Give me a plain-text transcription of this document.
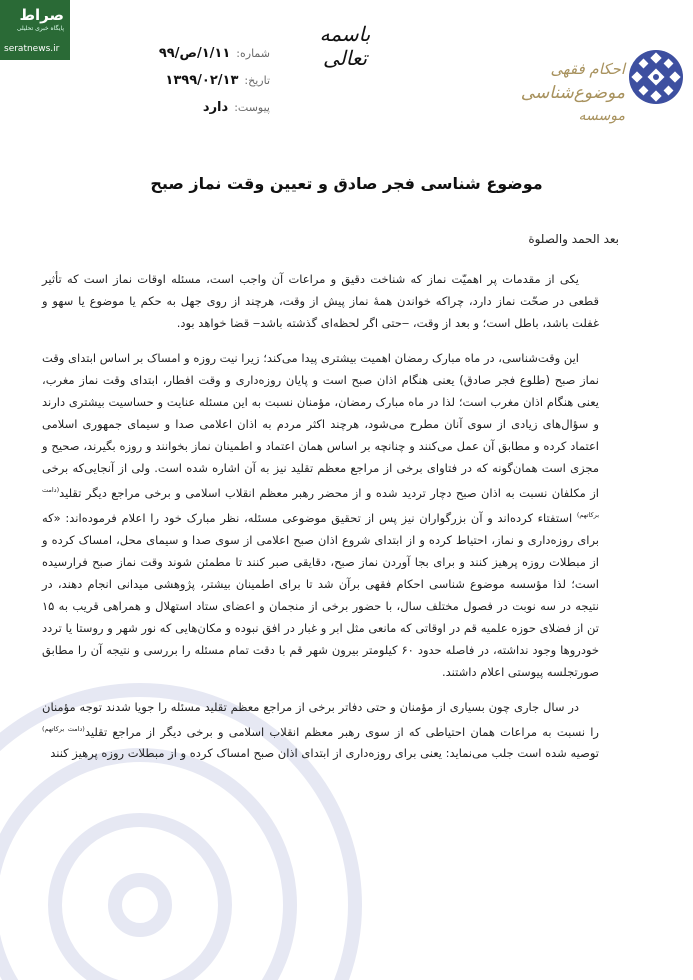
صراط
پایگاه خبری تحلیلی
seratnews.ir
باسمه تعالی
شماره:
۱/۱۱/ص/۹۹
تاریخ:
۱۳۹۹/۰۲/۱۳
پیوست:
دارد
احکام فقهی
موضوع‌شناسی
موسسه
موضوع شناسی فجر صادق و تعیین وقت نماز صبح
بعد الحمد والصلوة

یکی از مقدمات پر اهمیّت نماز که شناخت دقیق و مراعات آن واجب است، مسئله اوقات نماز است که تأثیر قطعی در صحّت نماز دارد، چراکه خواندن همهٔ نماز پیش از وقت، هرچند از روی جهل به حکم یا موضوع یا سهو و غفلت باشد، باطل است؛ و بعد از وقت، ‒حتی اگر لحظه‌ای گذشته باشد‒ قضا خواهد بود.

این وقت‌شناسی، در ماه مبارک رمضان اهمیت بیشتری پیدا می‌کند؛ زیرا نیت روزه و امساک بر اساس ابتدای وقت نماز صبح (طلوع فجر صادق) یعنی هنگام اذان صبح است و پایان روزه‌داری و وقت افطار، ابتدای وقت نماز مغرب، یعنی هنگام اذان مغرب است؛ لذا در ماه مبارک رمضان، مؤمنان نسبت به این مسئله عنایت و حساسیت بیشتری دارند و سؤال‌های زیادی از سوی آنان مطرح می‌شود، هرچند اکثر مردم به اذان اعلامی صدا و سیمای جمهوری اسلامی اعتماد کرده و مطابق آن عمل می‌کنند و چنانچه بر اساس همان اعتماد و اطمینان نماز بخوانند و روزه بگیرند، صحیح و مجزی است همان‌گونه که در فتاوای برخی از مراجع معظم تقلید نیز به آن اشاره شده است. ولی از آنجایی‌که برخی از مکلفان نسبت به اذان صبح دچار تردید شده و از محضر رهبر معظم انقلاب اسلامی و برخی مراجع دیگر تقلید$^{(دامت برکاتهم)}$ استفتاء کرده‌اند و آن بزرگواران نیز پس از تحقیق موضوعی مسئله، نظر مبارک خود را اعلام فرموده‌اند: «که برای روزه‌داری و نماز، احتیاط کرده و از ابتدای شروع اذان صبح اعلامی از سوی صدا و سیمای محل، امساک کرده و از مبطلات روزه پرهیز کنند و برای بجا آوردن نماز صبح، دقایقی صبر کنند تا مطمئن شوند وقت نماز صبح فرارسیده است؛ لذا مؤسسه موضوع شناسی احکام فقهی برآن شد تا برای اطمینان بیشتر، پژوهشی میدانی انجام دهند، در نتیجه در سه نوبت در فصول مختلف سال، با حضور برخی از منجمان و اعضای ستاد استهلال و همراهی قریب به ۱۵ تن از فضلای حوزه علمیه قم در اوقاتی که مانعی مثل ابر و غبار در افق نبوده و مکان‌هایی که نور شهر و روستا یا تردد خودروها وجود نداشته، در فاصله حدود ۶۰ کیلومتر بیرون شهر قم با دقت تمام مسئله را بررسی و نتیجه آن را مطابق صورتجلسه پیوستی اعلام داشتند.

در سال جاری چون بسیاری از مؤمنان و حتی دفاتر برخی از مراجع معظم تقلید مسئله را جویا شدند توجه مؤمنان را نسبت به مراعات همان احتیاطی که از سوی رهبر معظم انقلاب اسلامی و برخی دیگر از مراجع تقلید$^{(دامت برکاتهم)}$ توصیه شده است جلب می‌نماید: یعنی برای روزه‌داری از ابتدای اذان صبح امساک کرده و از مبطلات روزه پرهیز کنند
